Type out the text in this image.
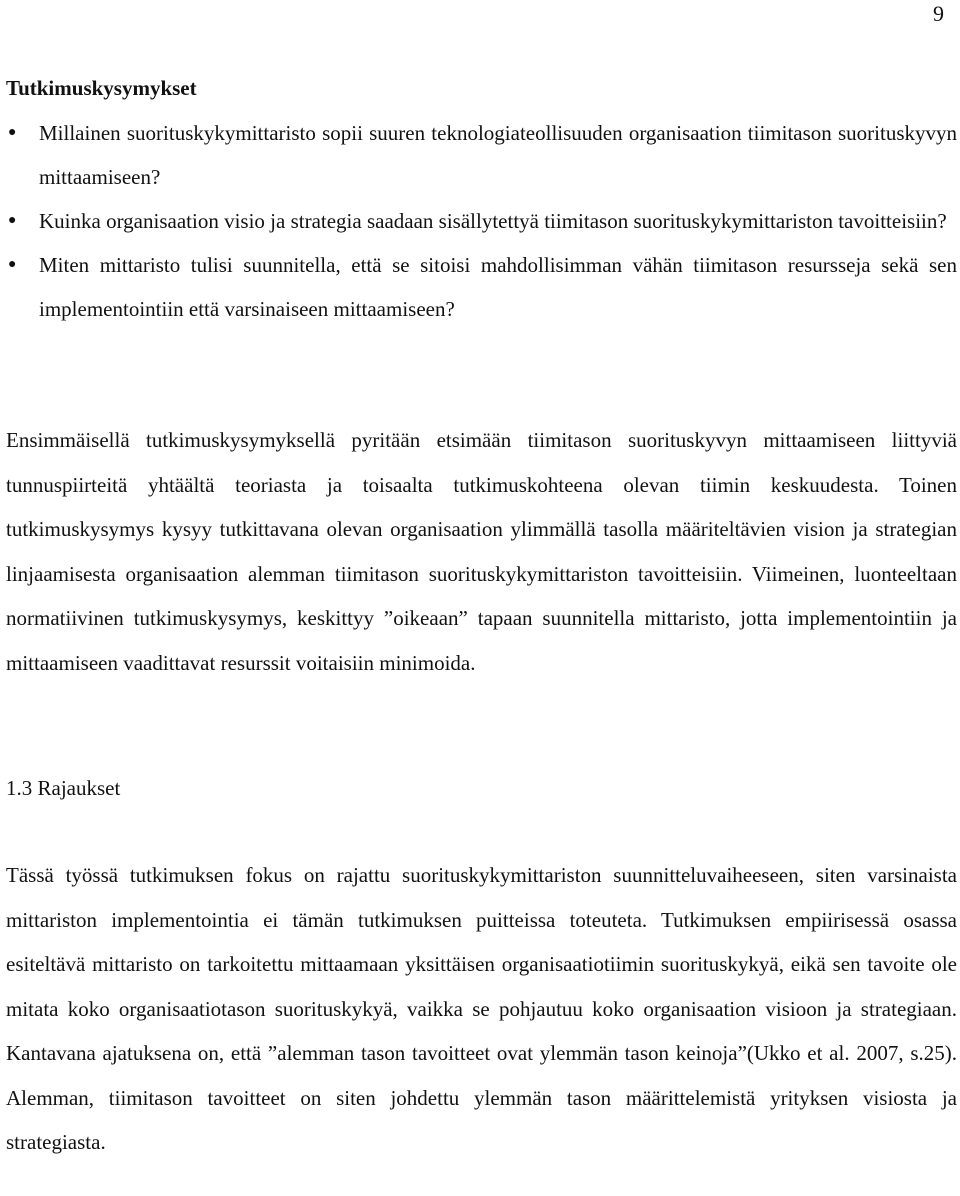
9
Tutkimuskysymykset
● Millainen suorituskykymittaristo sopii suuren teknologiateollisuuden organisaation tiimitason suorituskyvyn mittaamiseen?
● Kuinka organisaation visio ja strategia saadaan sisällytettyä tiimitason suorituskykymittariston tavoitteisiin?
● Miten mittaristo tulisi suunnitella, että se sitoisi mahdollisimman vähän tiimitason resursseja sekä sen implementointiin että varsinaiseen mittaamiseen?

Ensimmäisellä tutkimuskysymyksellä pyritään etsimään tiimitason suorituskyvyn mittaamiseen liittyviä tunnuspiirteitä yhtäältä teoriasta ja toisaalta tutkimuskohteena olevan tiimin keskuudesta. Toinen tutkimuskysymys kysyy tutkittavana olevan organisaation ylimmällä tasolla määriteltävien vision ja strategian linjaamisesta organisaation alemman tiimitason suorituskykymittariston tavoitteisiin. Viimeinen, luonteeltaan normatiivinen tutkimuskysymys, keskittyy ”oikeaan” tapaan suunnitella mittaristo, jotta implementointiin ja mittaamiseen vaadittavat resurssit voitaisiin minimoida.

1.3 Rajaukset

Tässä työssä tutkimuksen fokus on rajattu suorituskykymittariston suunnitteluvaiheeseen, siten varsinaista mittariston implementointia ei tämän tutkimuksen puitteissa toteuteta. Tutkimuksen empiirisessä osassa esiteltävä mittaristo on tarkoitettu mittaamaan yksittäisen organisaatiotiimin suorituskykyä, eikä sen tavoite ole mitata koko organisaatiotason suorituskykyä, vaikka se pohjautuu koko organisaation visioon ja strategiaan. Kantavana ajatuksena on, että ”alemman tason tavoitteet ovat ylemmän tason keinoja”(Ukko et al. 2007, s.25). Alemman, tiimitason tavoitteet on siten johdettu ylemmän tason määrittelemistä yrityksen visiosta ja strategiasta.
